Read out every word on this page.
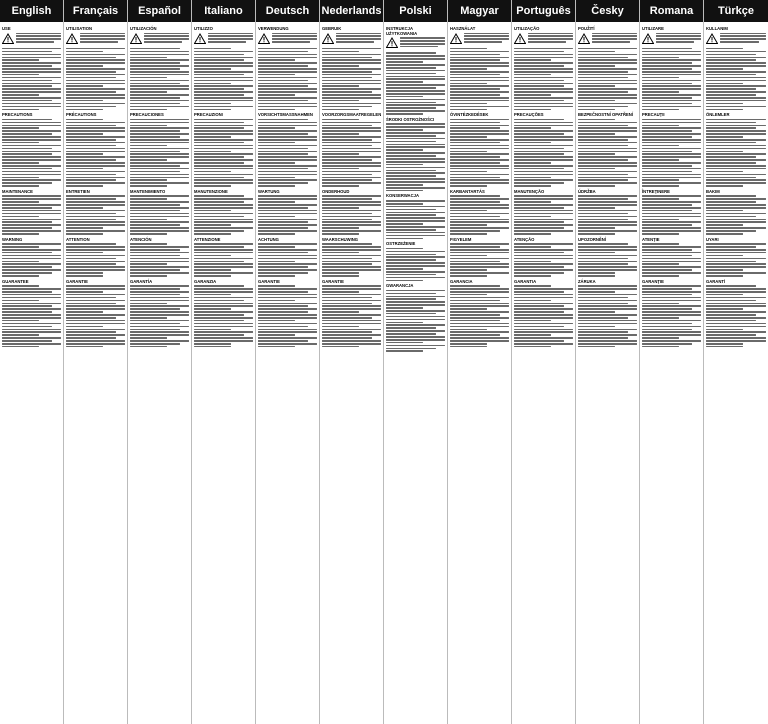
English
USE
PRECAUTIONS
MAINTENANCE
WARNING
GUARANTEE
Français
UTILISATION
PRÉCAUTIONS
ENTRETIEN
ATTENTION
GARANTIE
Español
UTILIZACIÓN
PRECAUCIONES
MANTENIMIENTO
ATENCIÓN
GARANTÍA
Italiano
UTILIZZO
PRECAUZIONI
MANUTENZIONE
ATTENZIONE
GARANZIA
Deutsch
VERWENDUNG
VORSICHTSMASSNAHMEN
WARTUNG
ACHTUNG
GARANTIE
Nederlands
GEBRUIK
VOORZORGSMAATREGELEN
ONDERHOUD
WAARSCHUWING
GARANTIE
Polski
INSTRUKCJA UŻYTKOWANIA
ŚRODKI OSTROŻNOŚCI
KONSERWACJA
OSTRZEŻENIE
GWARANCJA
Magyar
HASZNÁLAT
ÓVINTÉZKEDÉSEK
KARBANTARTÁS
FIGYELEM
GARANCIA
Português
UTILIZAÇÃO
PRECAUÇÕES
MANUTENÇÃO
ATENÇÃO
GARANTIA
Česky
POUŽITÍ
BEZPEČNOSTNÍ OPATŘENÍ
ÚDRŽBA
UPOZORNĚNÍ
ZÁRUKA
Romana
UTILIZARE
PRECAUȚII
ÎNTREȚINERE
ATENȚIE
GARANȚIE
Türkçe
KULLANIM
ÖNLEMLER
BAKIM
UYARI
GARANTİ
